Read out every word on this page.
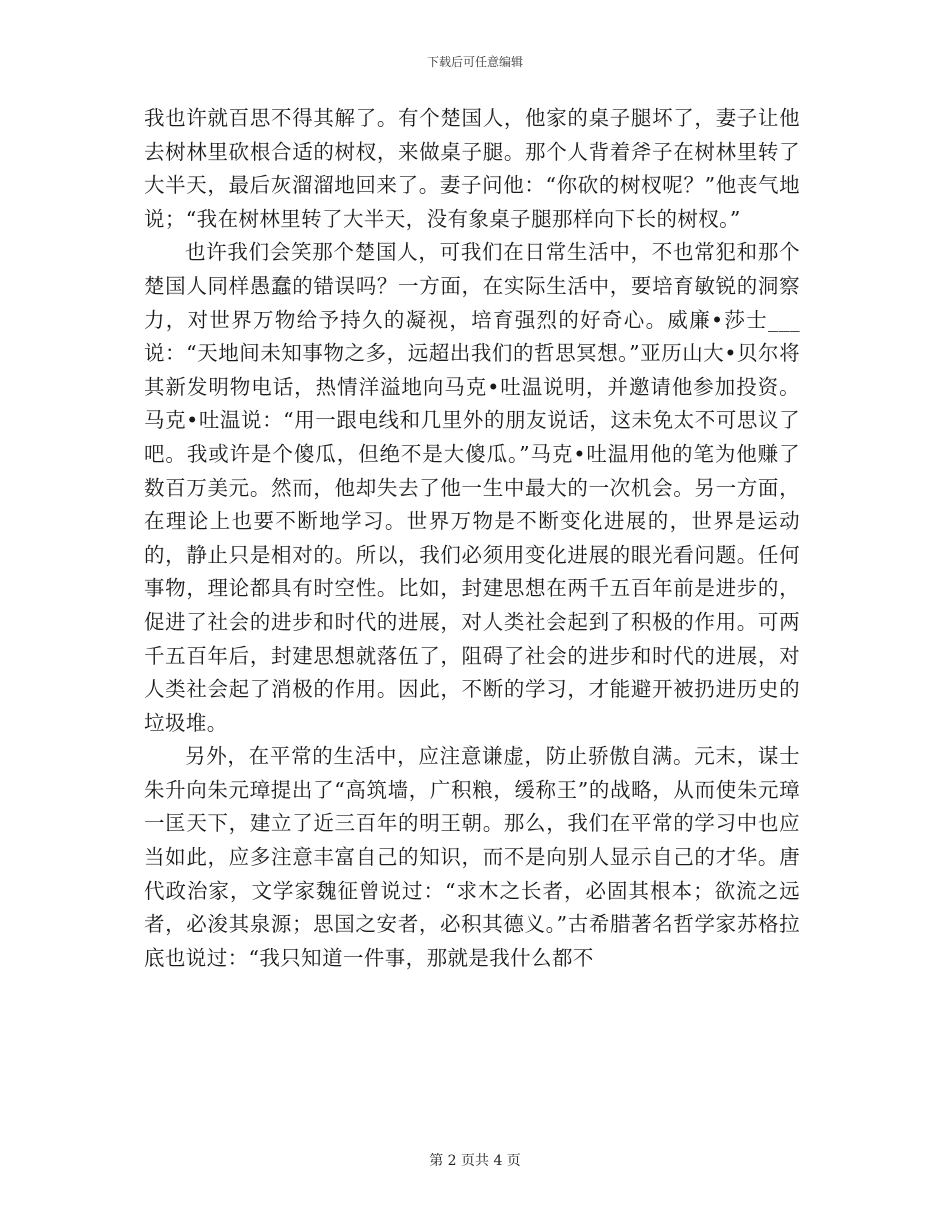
下载后可任意编辑

我也许就百思不得其解了。有个楚国人，他家的桌子腿坏了，妻子让他去树林里砍根合适的树杈，来做桌子腿。那个人背着斧子在树林里转了大半天，最后灰溜溜地回来了。妻子问他：“你砍的树杈呢？”他丧气地说；“我在树林里转了大半天，没有象桌子腿那样向下长的树杈。”

也许我们会笑那个楚国人，可我们在日常生活中，不也常犯和那个楚国人同样愚蠢的错误吗？一方面，在实际生活中，要培育敏锐的洞察力，对世界万物给予持久的凝视，培育强烈的好奇心。威廉•莎士___说：“天地间未知事物之多，远超出我们的哲思冥想。”亚历山大•贝尔将其新发明物电话，热情洋溢地向马克•吐温说明，并邀请他参加投资。马克•吐温说：“用一跟电线和几里外的朋友说话，这未免太不可思议了吧。我或许是个傻瓜，但绝不是大傻瓜。”马克•吐温用他的笔为他赚了数百万美元。然而，他却失去了他一生中最大的一次机会。另一方面，在理论上也要不断地学习。世界万物是不断变化进展的，世界是运动的，静止只是相对的。所以，我们必须用变化进展的眼光看问题。任何事物，理论都具有时空性。比如，封建思想在两千五百年前是进步的，促进了社会的进步和时代的进展，对人类社会起到了积极的作用。可两千五百年后，封建思想就落伍了，阻碍了社会的进步和时代的进展，对人类社会起了消极的作用。因此，不断的学习，才能避开被扔进历史的垃圾堆。

另外，在平常的生活中，应注意谦虚，防止骄傲自满。元末，谋士朱升向朱元璋提出了“高筑墙，广积粮，缓称王”的战略，从而使朱元璋一匡天下，建立了近三百年的明王朝。那么，我们在平常的学习中也应当如此，应多注意丰富自己的知识，而不是向别人显示自己的才华。唐代政治家，文学家魏征曾说过：“求木之长者，必固其根本；欲流之远者，必浚其泉源；思国之安者，必积其德义。”古希腊著名哲学家苏格拉底也说过：“我只知道一件事，那就是我什么都不

第 2 页共 4 页
